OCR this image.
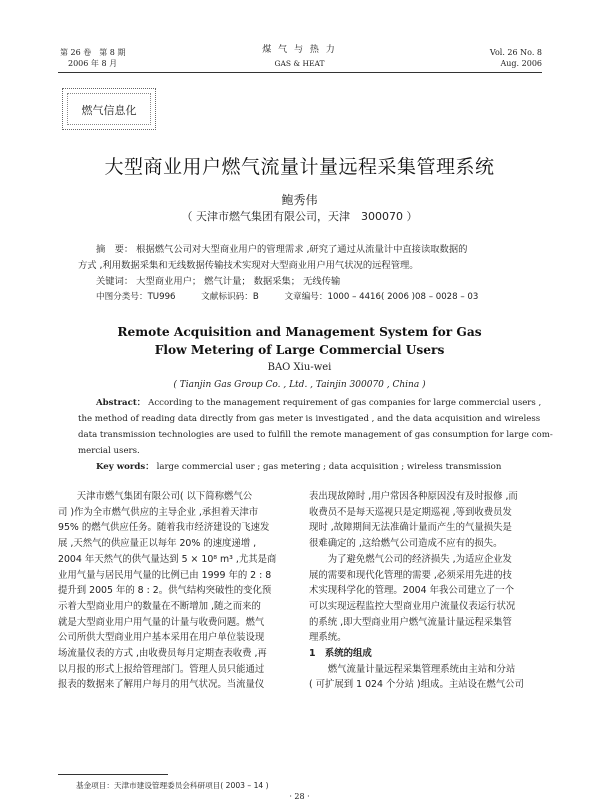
第 26 卷　第 8 期
2006 年 8 月
煤 气 与 热 力
GAS & HEAT
Vol. 26 No. 8
Aug. 2006
燃气信息化
大型商业用户燃气流量计量远程采集管理系统
鲍秀伟
（ 天津市燃气集团有限公司，天津　300070 ）
摘　要： 根据燃气公司对大型商业用户的管理需求 ,研究了通过从流量计中直接读取数据的
方式 ,利用数据采集和无线数据传输技术实现对大型商业用户用气状况的远程管理。
关键词： 大型商业用户； 燃气计量； 数据采集； 无线传输
中图分类号：TU996　　　文献标识码：B　　　文章编号：1000 – 4416( 2006 )08 – 0028 – 03
Remote Acquisition and Management System for Gas
Flow Metering of Large Commercial Users
BAO Xiu-wei
( Tianjin Gas Group Co. , Ltd. , Tainjin 300070 , China )
Abstract： According to the management requirement of gas companies for large commercial users ,
the method of reading data directly from gas meter is investigated , and the data acquisition and wireless
data transmission technologies are used to fulfill the remote management of gas consumption for large com-
mercial users.
Key words： large commercial user ; gas metering ; data acquisition ; wireless transmission
　　天津市燃气集团有限公司( 以下简称燃气公
司 )作为全市燃气供应的主导企业 ,承担着天津市
95% 的燃气供应任务。随着我市经济建设的飞速发
展 ,天然气的供应量正以每年 20% 的速度递增 ,
2004 年天然气的供气量达到 5 × 10⁸ m³ ,尤其是商
业用气量与居民用气量的比例已由 1999 年的 2 : 8
提升到 2005 年的 8 : 2。供气结构突破性的变化预
示着大型商业用户的数量在不断增加 ,随之而来的
就是大型商业用户用气量的计量与收费问题。燃气
公司所供大型商业用户基本采用在用户单位装设现
场流量仪表的方式 ,由收费员每月定期查表收费 ,再
以月报的形式上报给管理部门。管理人员只能通过
报表的数据来了解用户每月的用气状况。当流量仪
表出现故障时 ,用户常因各种原因没有及时报修 ,而
收费员不是每天巡视只是定期巡视 ,等到收费员发
现时 ,故障期间无法准确计量而产生的气量损失是
很难确定的 ,这给燃气公司造成不应有的损失。
　　为了避免燃气公司的经济损失 ,为适应企业发
展的需要和现代化管理的需要 ,必须采用先进的技
术实现科学化的管理。2004 年我公司建立了一个
可以实现远程监控大型商业用户流量仪表运行状况
的系统 ,即大型商业用户燃气流量计量远程采集管
理系统。
1　系统的组成
　　燃气流量计量远程采集管理系统由主站和分站
( 可扩展到 1 024 个分站 )组成。主站设在燃气公司
基金项目：天津市建设管理委员会科研项目( 2003 – 14 )
· 28 ·
